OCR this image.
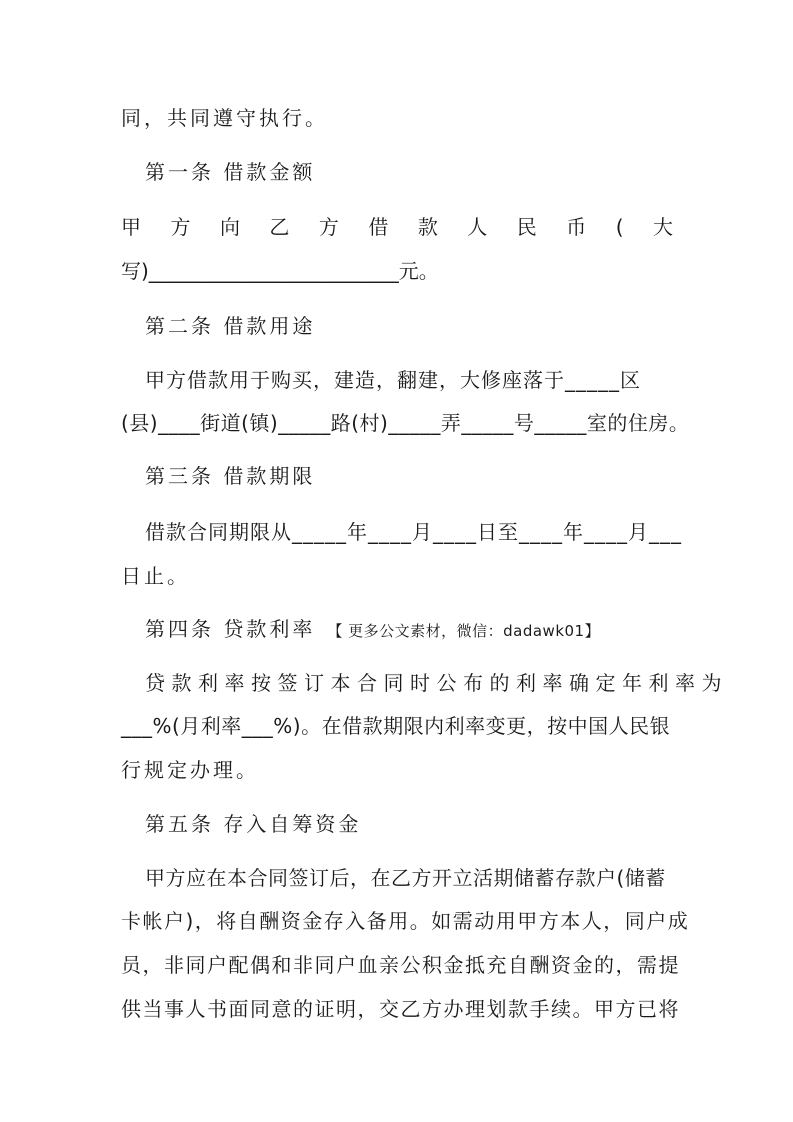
同，共同遵守执行。
第一条 借款金额
甲 方 向 乙 方 借 款 人 民 币 ( 大
写)_________________________元。
第二条 借款用途
甲方借款用于购买，建造，翻建，大修座落于_____区
(县)____街道(镇)_____路(村)_____弄_____号_____室的住房。
第三条 借款期限
借款合同期限从_____年____月____日至____年____月___
日止。
第四条 贷款利率 【 更多公文素材，微信：dadawk01】
贷款利率按签订本合同时公布的利率确定年利率为
___%(月利率___%)。在借款期限内利率变更，按中国人民银
行规定办理。
第五条 存入自筹资金
甲方应在本合同签订后，在乙方开立活期储蓄存款户(储蓄
卡帐户)，将自酬资金存入备用。如需动用甲方本人，同户成
员，非同户配偶和非同户血亲公积金抵充自酬资金的，需提
供当事人书面同意的证明，交乙方办理划款手续。甲方已将
